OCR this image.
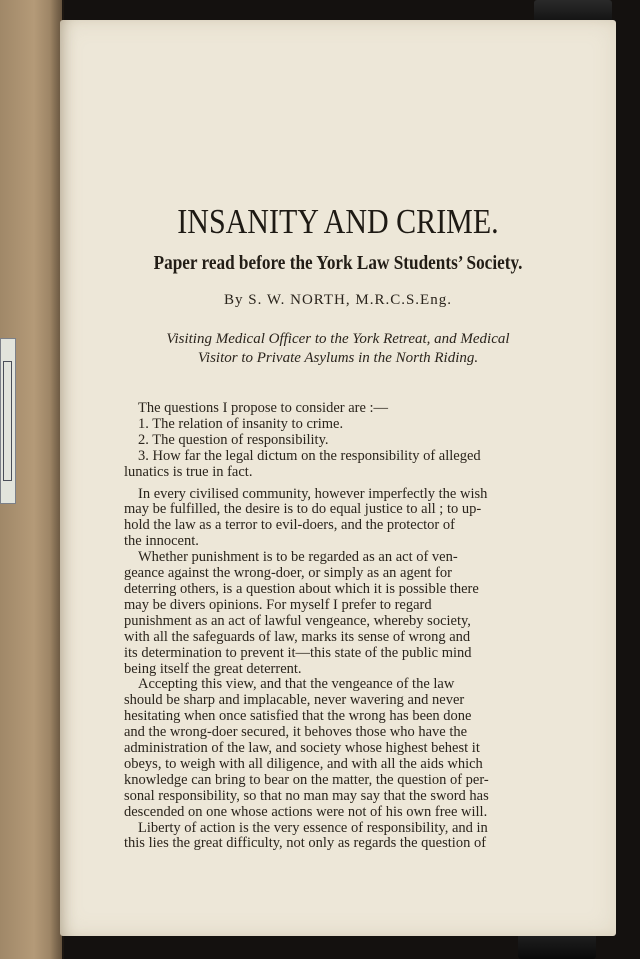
INSANITY AND CRIME.
Paper read before the York Law Students’ Society.
By S. W. NORTH, M.R.C.S.Eng.
Visiting Medical Officer to the York Retreat, and Medical
Visitor to Private Asylums in the North Riding.
The questions I propose to consider are :—
1. The relation of insanity to crime.
2. The question of responsibility.
3. How far the legal dictum on the responsibility of alleged
lunatics is true in fact.
In every civilised community, however imperfectly the wish
may be fulfilled, the desire is to do equal justice to all ; to up-
hold the law as a terror to evil-doers, and the protector of
the innocent.
Whether punishment is to be regarded as an act of ven-
geance against the wrong-doer, or simply as an agent for
deterring others, is a question about which it is possible there
may be divers opinions. For myself I prefer to regard
punishment as an act of lawful vengeance, whereby society,
with all the safeguards of law, marks its sense of wrong and
its determination to prevent it—this state of the public mind
being itself the great deterrent.
Accepting this view, and that the vengeance of the law
should be sharp and implacable, never wavering and never
hesitating when once satisfied that the wrong has been done
and the wrong-doer secured, it behoves those who have the
administration of the law, and society whose highest behest it
obeys, to weigh with all diligence, and with all the aids which
knowledge can bring to bear on the matter, the question of per-
sonal responsibility, so that no man may say that the sword has
descended on one whose actions were not of his own free will.
Liberty of action is the very essence of responsibility, and in
this lies the great difficulty, not only as regards the question of
